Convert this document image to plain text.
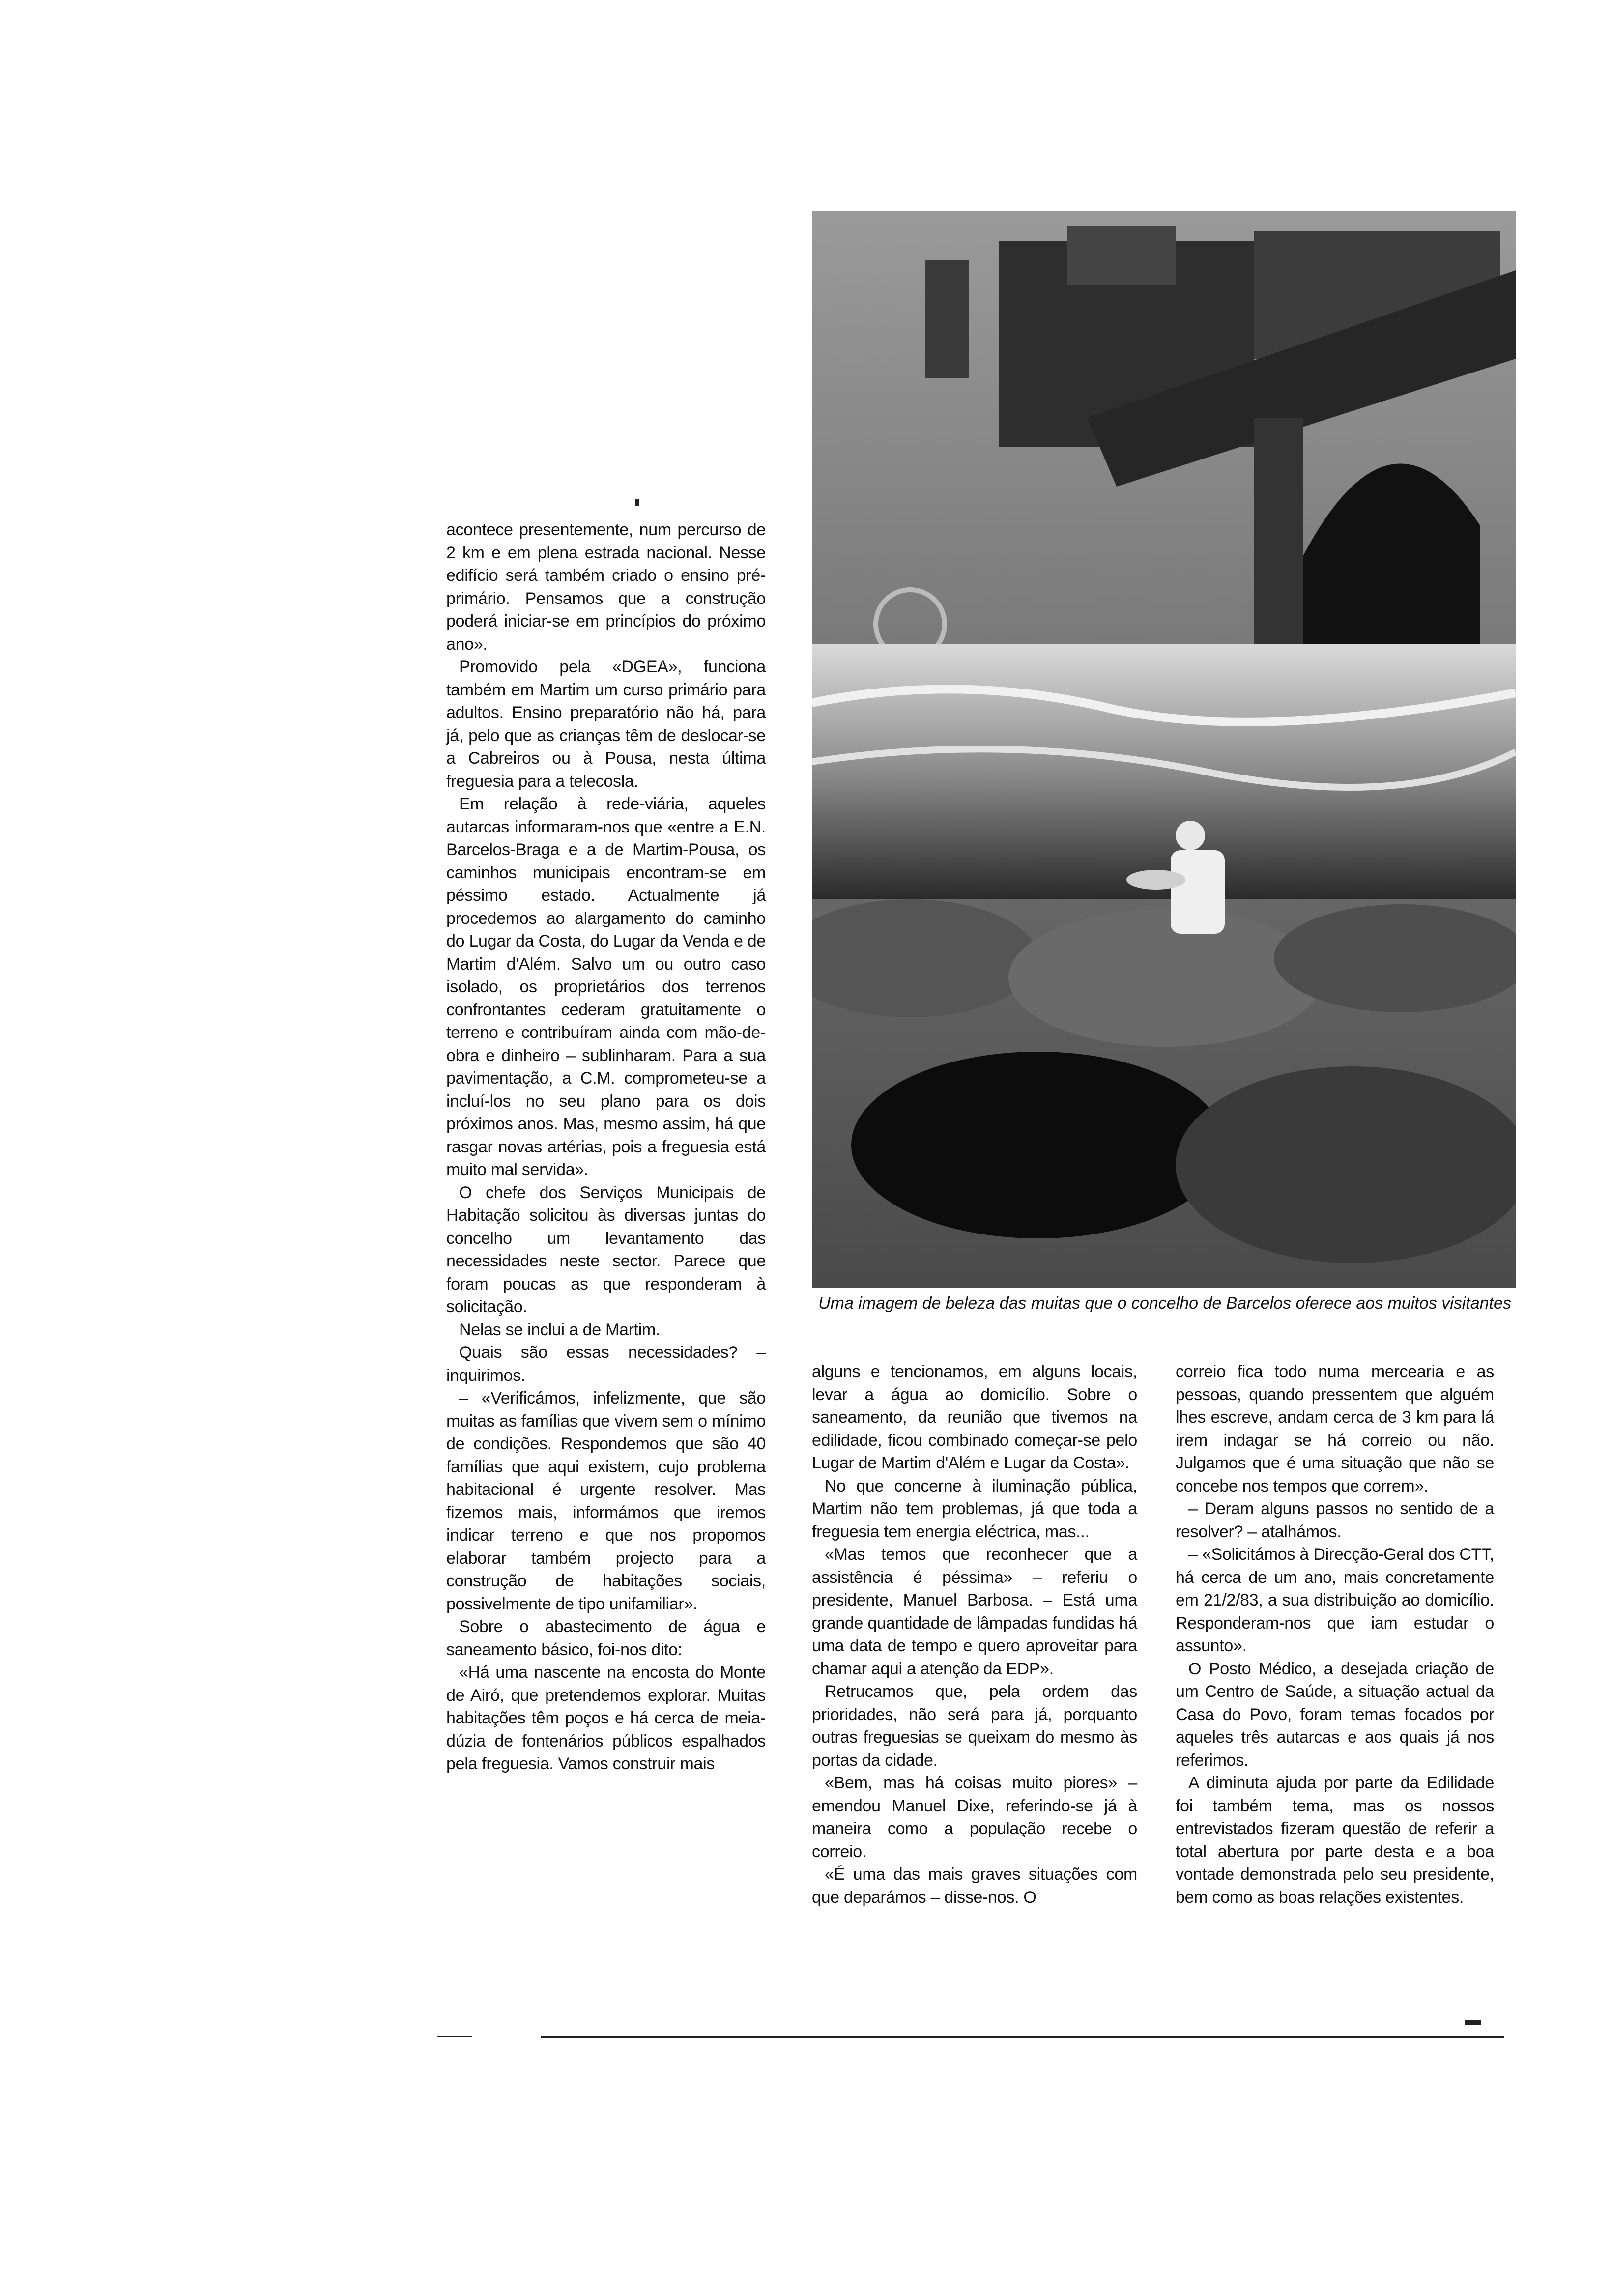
Uma imagem de beleza das muitas que o concelho de Barcelos oferece aos muitos visitantes

acontece presentemente, num percurso de 2 km e em plena estrada nacional. Nesse edifício será também criado o ensino pré-primário. Pensamos que a construção poderá iniciar-se em princípios do próximo ano».

Promovido pela «DGEA», funciona também em Martim um curso primário para adultos. Ensino preparatório não há, para já, pelo que as crianças têm de deslocar-se a Cabreiros ou à Pousa, nesta última freguesia para a telecosla.

Em relação à rede-viária, aqueles autarcas informaram-nos que «entre a E.N. Barcelos-Braga e a de Martim-Pousa, os caminhos municipais encontram-se em péssimo estado. Actualmente já procedemos ao alargamento do caminho do Lugar da Costa, do Lugar da Venda e de Martim d'Além. Salvo um ou outro caso isolado, os proprietários dos terrenos confrontantes cederam gratuitamente o terreno e contribuíram ainda com mão-de-obra e dinheiro – sublinharam. Para a sua pavimentação, a C.M. comprometeu-se a incluí-los no seu plano para os dois próximos anos. Mas, mesmo assim, há que rasgar novas artérias, pois a freguesia está muito mal servida».

O chefe dos Serviços Municipais de Habitação solicitou às diversas juntas do concelho um levantamento das necessidades neste sector. Parece que foram poucas as que responderam à solicitação.

Nelas se inclui a de Martim.

Quais são essas necessidades? – inquirimos.

– «Verificámos, infelizmente, que são muitas as famílias que vivem sem o mínimo de condições. Respondemos que são 40 famílias que aqui existem, cujo problema habitacional é urgente resolver. Mas fizemos mais, informámos que iremos indicar terreno e que nos propomos elaborar também projecto para a construção de habitações sociais, possivelmente de tipo unifamiliar».

Sobre o abastecimento de água e saneamento básico, foi-nos dito:

«Há uma nascente na encosta do Monte de Airó, que pretendemos explorar. Muitas habitações têm poços e há cerca de meia-dúzia de fontenários públicos espalhados pela freguesia. Vamos construir mais

alguns e tencionamos, em alguns locais, levar a água ao domicílio. Sobre o saneamento, da reunião que tivemos na edilidade, ficou combinado começar-se pelo Lugar de Martim d'Além e Lugar da Costa».

No que concerne à iluminação pública, Martim não tem problemas, já que toda a freguesia tem energia eléctrica, mas...

«Mas temos que reconhecer que a assistência é péssima» – referiu o presidente, Manuel Barbosa. – Está uma grande quantidade de lâmpadas fundidas há uma data de tempo e quero aproveitar para chamar aqui a atenção da EDP».

Retrucamos que, pela ordem das prioridades, não será para já, porquanto outras freguesias se queixam do mesmo às portas da cidade.

«Bem, mas há coisas muito piores» – emendou Manuel Dixe, referindo-se já à maneira como a população recebe o correio.

«É uma das mais graves situações com que deparámos – disse-nos. O

correio fica todo numa mercearia e as pessoas, quando pressentem que alguém lhes escreve, andam cerca de 3 km para lá irem indagar se há correio ou não. Julgamos que é uma situação que não se concebe nos tempos que correm».

– Deram alguns passos no sentido de a resolver? – atalhámos.

– «Solicitámos à Direcção-Geral dos CTT, há cerca de um ano, mais concretamente em 21/2/83, a sua distribuição ao domicílio. Responderam-nos que iam estudar o assunto».

O Posto Médico, a desejada criação de um Centro de Saúde, a situação actual da Casa do Povo, foram temas focados por aqueles três autarcas e aos quais já nos referimos.

A diminuta ajuda por parte da Edilidade foi também tema, mas os nossos entrevistados fizeram questão de referir a total abertura por parte desta e a boa vontade demonstrada pelo seu presidente, bem como as boas relações existentes.
